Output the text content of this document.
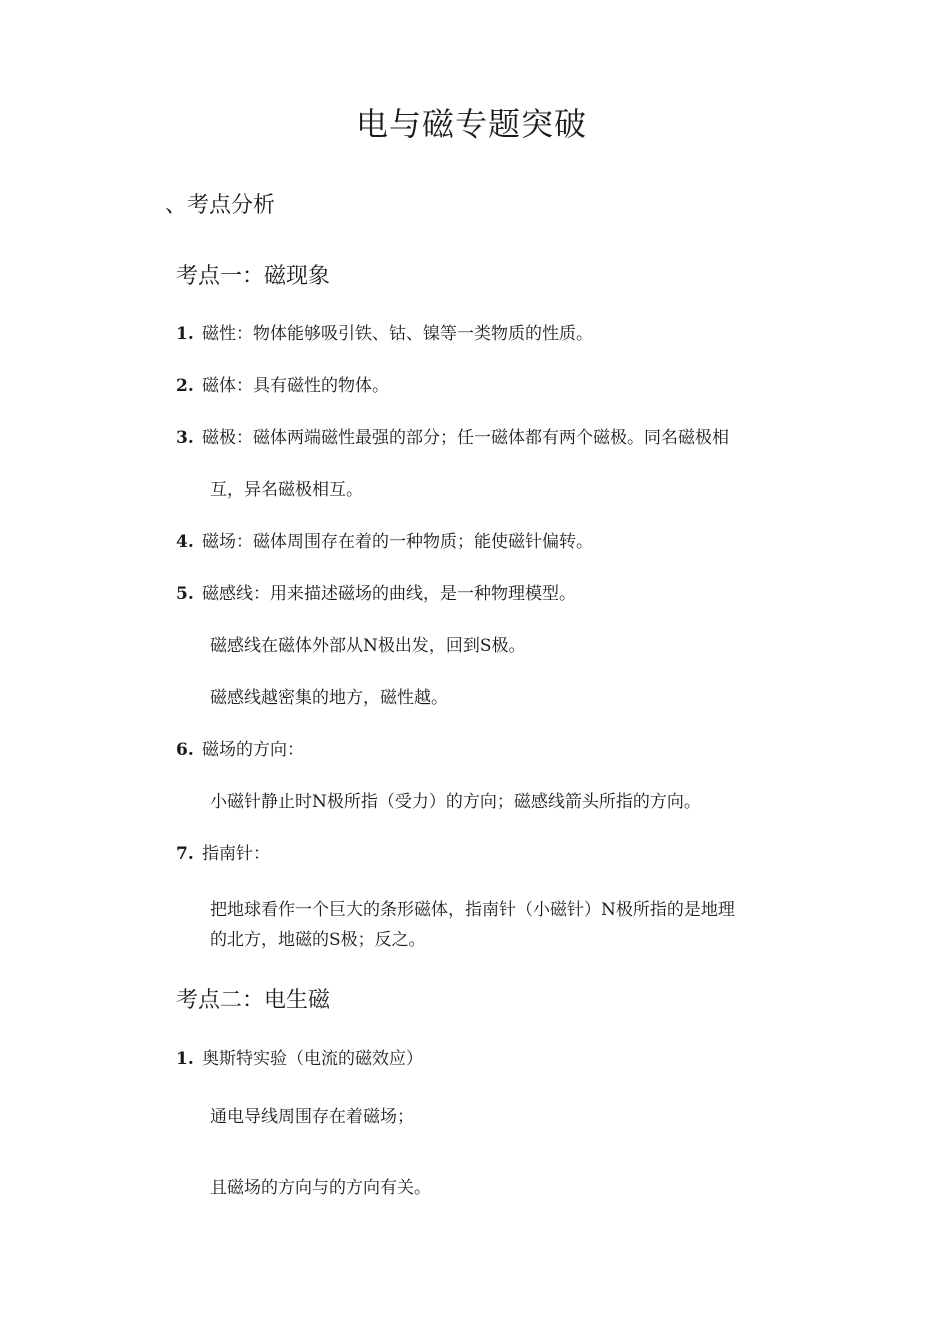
电与磁专题突破
、考点分析
考点一：磁现象
1. 磁性：物体能够吸引铁、钴、镍等一类物质的性质。
2. 磁体：具有磁性的物体。
3. 磁极：磁体两端磁性最强的部分；任一磁体都有两个磁极。同名磁极相
互，异名磁极相互。
4. 磁场：磁体周围存在着的一种物质；能使磁针偏转。
5. 磁感线：用来描述磁场的曲线，是一种物理模型。
磁感线在磁体外部从N极出发，回到S极。
磁感线越密集的地方，磁性越。
6. 磁场的方向：
小磁针静止时N极所指（受力）的方向；磁感线箭头所指的方向。
7. 指南针：
把地球看作一个巨大的条形磁体，指南针（小磁针）N极所指的是地理
的北方，地磁的S极；反之。
考点二：电生磁
1. 奥斯特实验（电流的磁效应）
通电导线周围存在着磁场；
且磁场的方向与的方向有关。
